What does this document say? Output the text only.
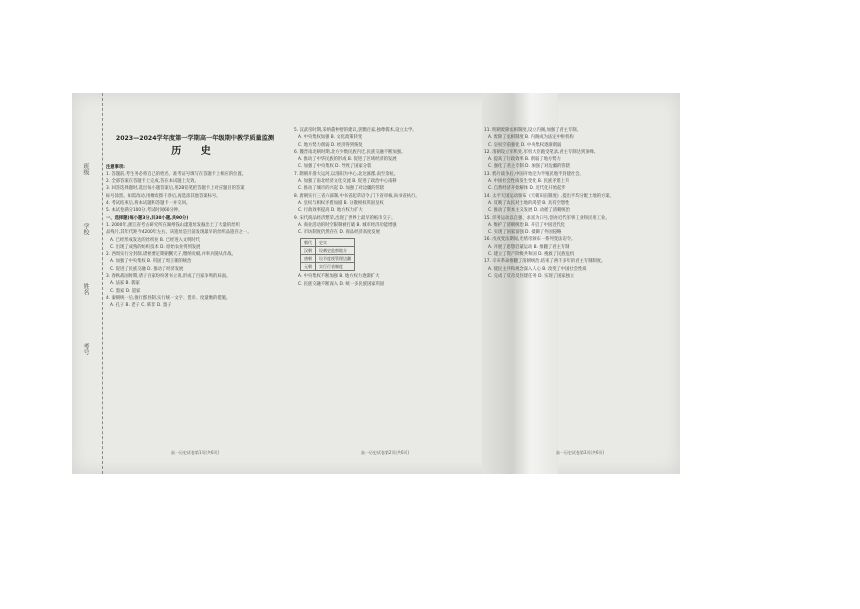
班级
学校
姓名
考号
2023—2024学年度第一学期高一年级期中教学质量监测
历 史
注意事项:
1. 答题前,考生务必将自己的姓名、准考证号填写在答题卡上相应的位置。
2. 全部答案在答题卡上完成,答在本试题上无效。
3. 回答选择题时,选出每小题答案后,用2B铅笔把答题卡上对应题目的答案
标号涂黑。如需改动,用橡皮擦干净后,再选涂其他答案标号。
4. 考试结束后,将本试题和答题卡一并交回。
5. 本试卷满分100分,考试时间60分钟。
一、选择题(每小题3分,共30小题,共90分)
1. 2000年,浙江省考古研究所在湖州钱山漾遗址发掘出土了大量的丝织
品残片,其年代距今4200年左右。该遗址是目前发现最早的丝织品遗存之一。
A. 已经形成发达的丝织业 B. 已经进入文明时代
C. 出现了成熟的纺织技术 D. 原始农业得到发展
2. 西周实行分封制,诸侯要定期朝觐天子,缴纳贡赋,并率兵随从作战。
A. 加强了中央集权 B. 巩固了周王朝的统治
C. 促进了民族交融 D. 推动了经济发展
3. 春秋战国时期,诸子百家纷纷著书立说,形成了百家争鸣的局面。
A. 法家 B. 儒家
C. 墨家 D. 道家
4. 秦朝统一后,推行郡县制,实行统一文字、货币、度量衡的措施。
A. 孔子 B. 老子 C. 韩非 D. 墨子
高一历史试卷第1页(共6页)
5. 汉武帝时期,采纳董仲舒的建议,罢黜百家,独尊儒术,设立太学。
A. 中央集权加强 B. 文化政策转变
C. 地方势力削弱 D. 经济得到恢复
6. 魏晋南北朝时期,北方少数民族内迁,民族交融不断加强。
A. 推动了中华民族的形成 B. 促进了区域经济的发展
C. 加强了中央集权 D. 导致了国家分裂
7. 隋朝开凿大运河,以洛阳为中心,北达涿郡,南至余杭。
A. 加强了南北经济文化交流 B. 促进了政治中心南移
C. 推动了城市的兴起 D. 加强了对边疆的管辖
8. 唐朝实行三省六部制,中书省起草诏令,门下省审核,尚书省执行。
A. 皇权与相权矛盾加剧 B. 分散相权巩固皇权
C. 行政效率提高 D. 地方权力扩大
9. 宋代商品经济繁荣,出现了世界上最早的纸币交子。
A. 商业活动的时空限制被打破 B. 城市经济功能增强
C. 市坊制度仍然存在 D. 商品经济高度发展
朝代	史实
汉朝	设刺史监察地方
唐朝	设节度使管理边疆
元朝	实行行省制度
A. 中央集权不断加强 B. 地方权力逐渐扩大
C. 民族交融不断深入 D. 统一多民族国家巩固
高一历史试卷第2页(共6页)
11. 明朝废除丞相制度,设立内阁,加强了君主专制。
A. 废除了丞相制度 B. 内阁成为法定中枢机构
C. 皇权空前强化 D. 中央集权逐渐削弱
12. 清朝设立军机处,军机大臣跪受笔录,君主专制达到顶峰。
A. 提高了行政效率 B. 削弱了地方势力
C. 强化了君主专制 D. 加强了对边疆的管辖
13. 鸦片战争后,中国开始沦为半殖民地半封建社会。
A. 中国社会性质发生变化 B. 民族矛盾上升
C. 自然经济开始解体 D. 近代化开始起步
14. 太平天国运动颁布《天朝田亩制度》,提出平均分配土地的方案。
A. 反映了农民对土地的渴望 B. 具有空想性
C. 推动了资本主义发展 D. 动摇了清朝统治
15. 洋务运动以自强、求富为口号,创办近代军事工业和民用工业。
A. 维护了清朝统治 B. 开启了中国近代化
C. 实现了国家富强 D. 抵御了外国侵略
16. 戊戌变法期间,光绪帝颁布一系列变法诏令。
A. 开展了思想启蒙运动 B. 推翻了君主专制
C. 建立了资产阶级共和国 D. 挽救了民族危机
17. 辛亥革命推翻了清朝统治,结束了两千多年的君主专制制度。
A. 使民主共和观念深入人心 B. 改变了中国社会性质
C. 完成了反帝反封建任务 D. 实现了国家独立
高一历史试卷第3页(共6页)
